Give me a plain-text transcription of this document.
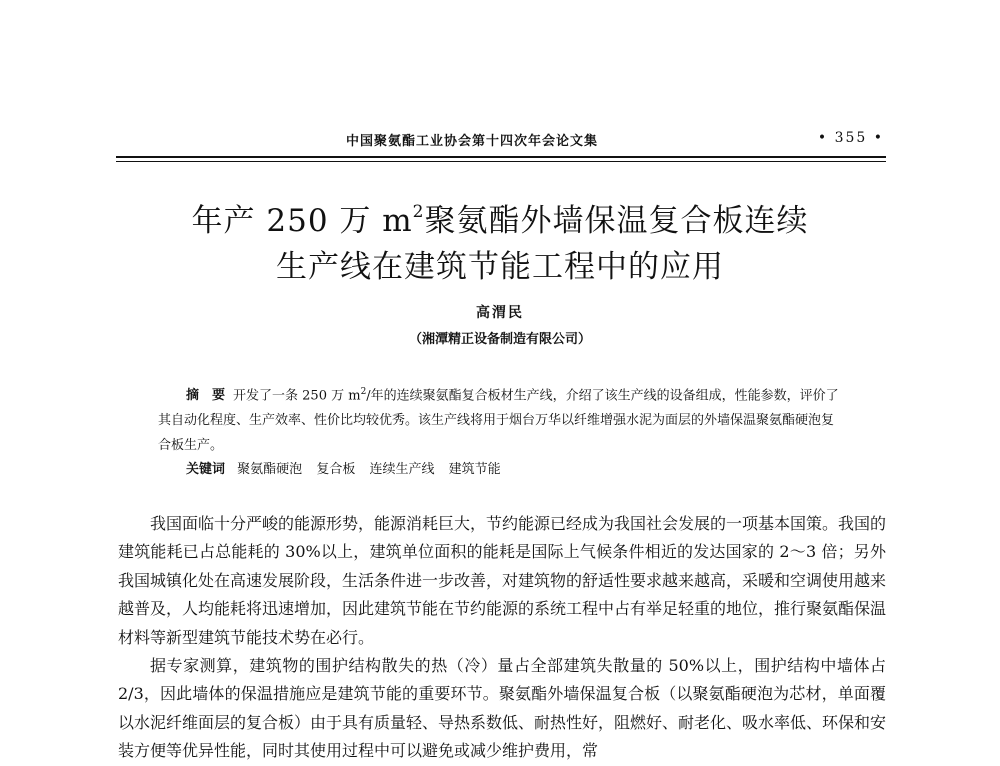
中国聚氨酯工业协会第十四次年会论文集	• 355 •
年产 250 万 $m^2$聚氨酯外墙保温复合板连续
生产线在建筑节能工程中的应用
高渭民
（湘潭精正设备制造有限公司）
摘　要 开发了一条 250 万 $m^2/$年的连续聚氨酯复合板材生产线，介绍了该生产线的设备组成，性能参数，评价了其自动化程度、生产效率、性价比均较优秀。该生产线将用于烟台万华以纤维增强水泥为面层的外墙保温聚氨酯硬泡复合板生产。
关键词 聚氨酯硬泡 复合板 连续生产线 建筑节能

我国面临十分严峻的能源形势，能源消耗巨大，节约能源已经成为我国社会发展的一项基本国策。我国的建筑能耗已占总能耗的 30%以上，建筑单位面积的能耗是国际上气候条件相近的发达国家的 2～3 倍；另外我国城镇化处在高速发展阶段，生活条件进一步改善，对建筑物的舒适性要求越来越高，采暖和空调使用越来越普及，人均能耗将迅速增加，因此建筑节能在节约能源的系统工程中占有举足轻重的地位，推行聚氨酯保温材料等新型建筑节能技术势在必行。

据专家测算，建筑物的围护结构散失的热（冷）量占全部建筑失散量的 50%以上，围护结构中墙体占 2/3，因此墙体的保温措施应是建筑节能的重要环节。聚氨酯外墙保温复合板（以聚氨酯硬泡为芯材，单面覆以水泥纤维面层的复合板）由于具有质量轻、导热系数低、耐热性好，阻燃好、耐老化、吸水率低、环保和安装方便等优异性能，同时其使用过程中可以避免或减少维护费用，常
